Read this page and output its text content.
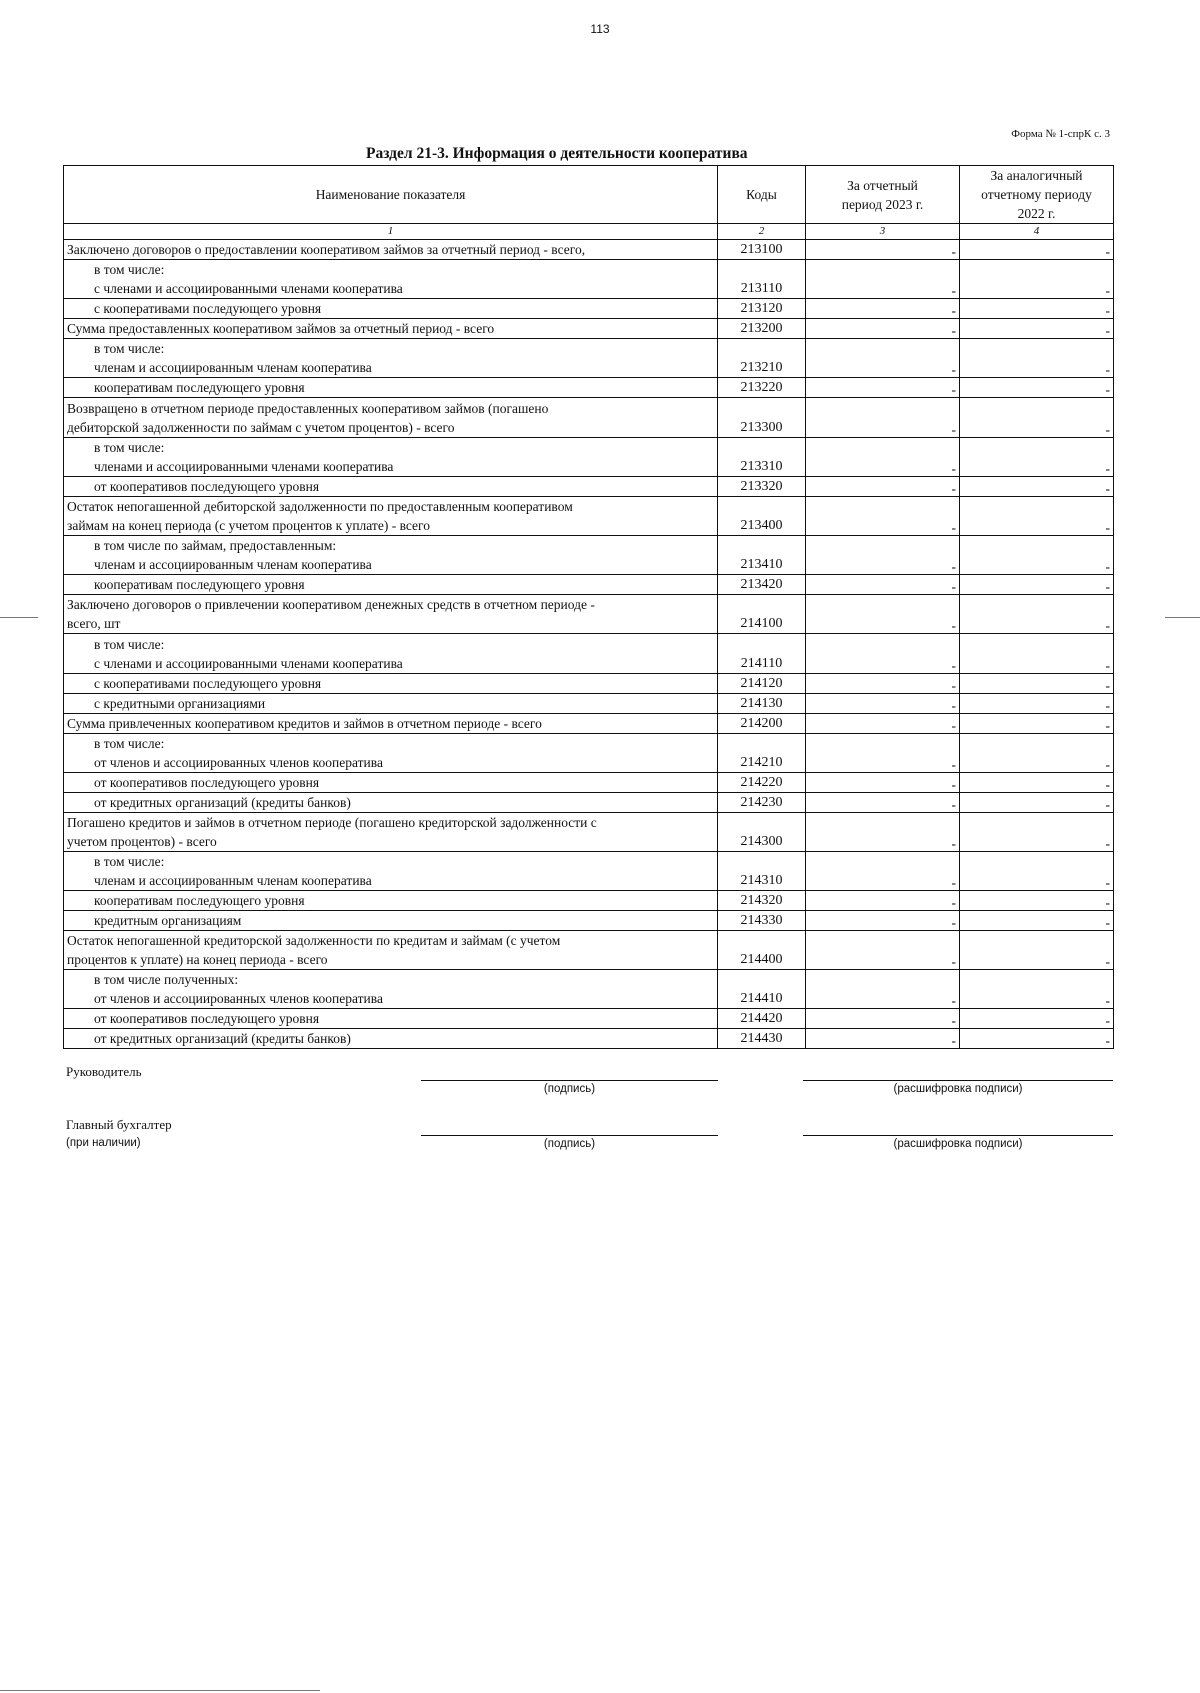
113
Форма № 1-спрК с. 3
Раздел 21-3. Информация о деятельности кооператива
Наименование показателя	Коды	За отчетный
период 2023 г.	За аналогичный
отчетному периоду
2022 г.
1	2	3	4

Заключено договоров о предоставлении кооперативом займов за отчетный период - всего,	213100	-	-

в том числе:
с членами и ассоциированными членами кооператива	213110	-	-

с кооперативами последующего уровня	213120	-	-

Сумма предоставленных кооперативом займов за отчетный период - всего	213200	-	-

в том числе:
членам и ассоциированным членам кооператива	213210	-	-

кооперативам последующего уровня	213220	-	-

Возвращено в отчетном периоде предоставленных кооперативом займов (погашено
дебиторской задолженности по займам с учетом процентов) - всего	213300	-	-

в том числе:
членами и ассоциированными членами кооператива	213310	-	-

от кооперативов последующего уровня	213320	-	-

Остаток непогашенной дебиторской задолженности по предоставленным кооперативом
займам на конец периода (с учетом процентов к уплате) - всего	213400	-	-

в том числе по займам, предоставленным:
членам и ассоциированным членам кооператива	213410	-	-

кооперативам последующего уровня	213420	-	-

Заключено договоров о привлечении кооперативом денежных средств в отчетном периоде -
всего, шт	214100	-	-

в том числе:
с членами и ассоциированными членами кооператива	214110	-	-

с кооперативами последующего уровня	214120	-	-

с кредитными организациями	214130	-	-

Сумма привлеченных кооперативом кредитов и займов в отчетном периоде - всего	214200	-	-

в том числе:
от членов и ассоциированных членов кооператива	214210	-	-

от кооперативов последующего уровня	214220	-	-

от кредитных организаций (кредиты банков)	214230	-	-

Погашено кредитов и займов в отчетном периоде (погашено кредиторской задолженности с
учетом процентов) - всего	214300	-	-

в том числе:
членам и ассоциированным членам кооператива	214310	-	-

кооперативам последующего уровня	214320	-	-

кредитным организациям	214330	-	-

Остаток непогашенной кредиторской задолженности по кредитам и займам (с учетом
процентов к уплате) на конец периода - всего	214400	-	-

в том числе полученных:
от членов и ассоциированных членов кооператива	214410	-	-

от кооперативов последующего уровня	214420	-	-

от кредитных организаций (кредиты банков)	214430	-	-
Руководитель
(подпись)	(расшифровка подписи)
Главный бухгалтер
(при наличии)	(подпись)	(расшифровка подписи)
